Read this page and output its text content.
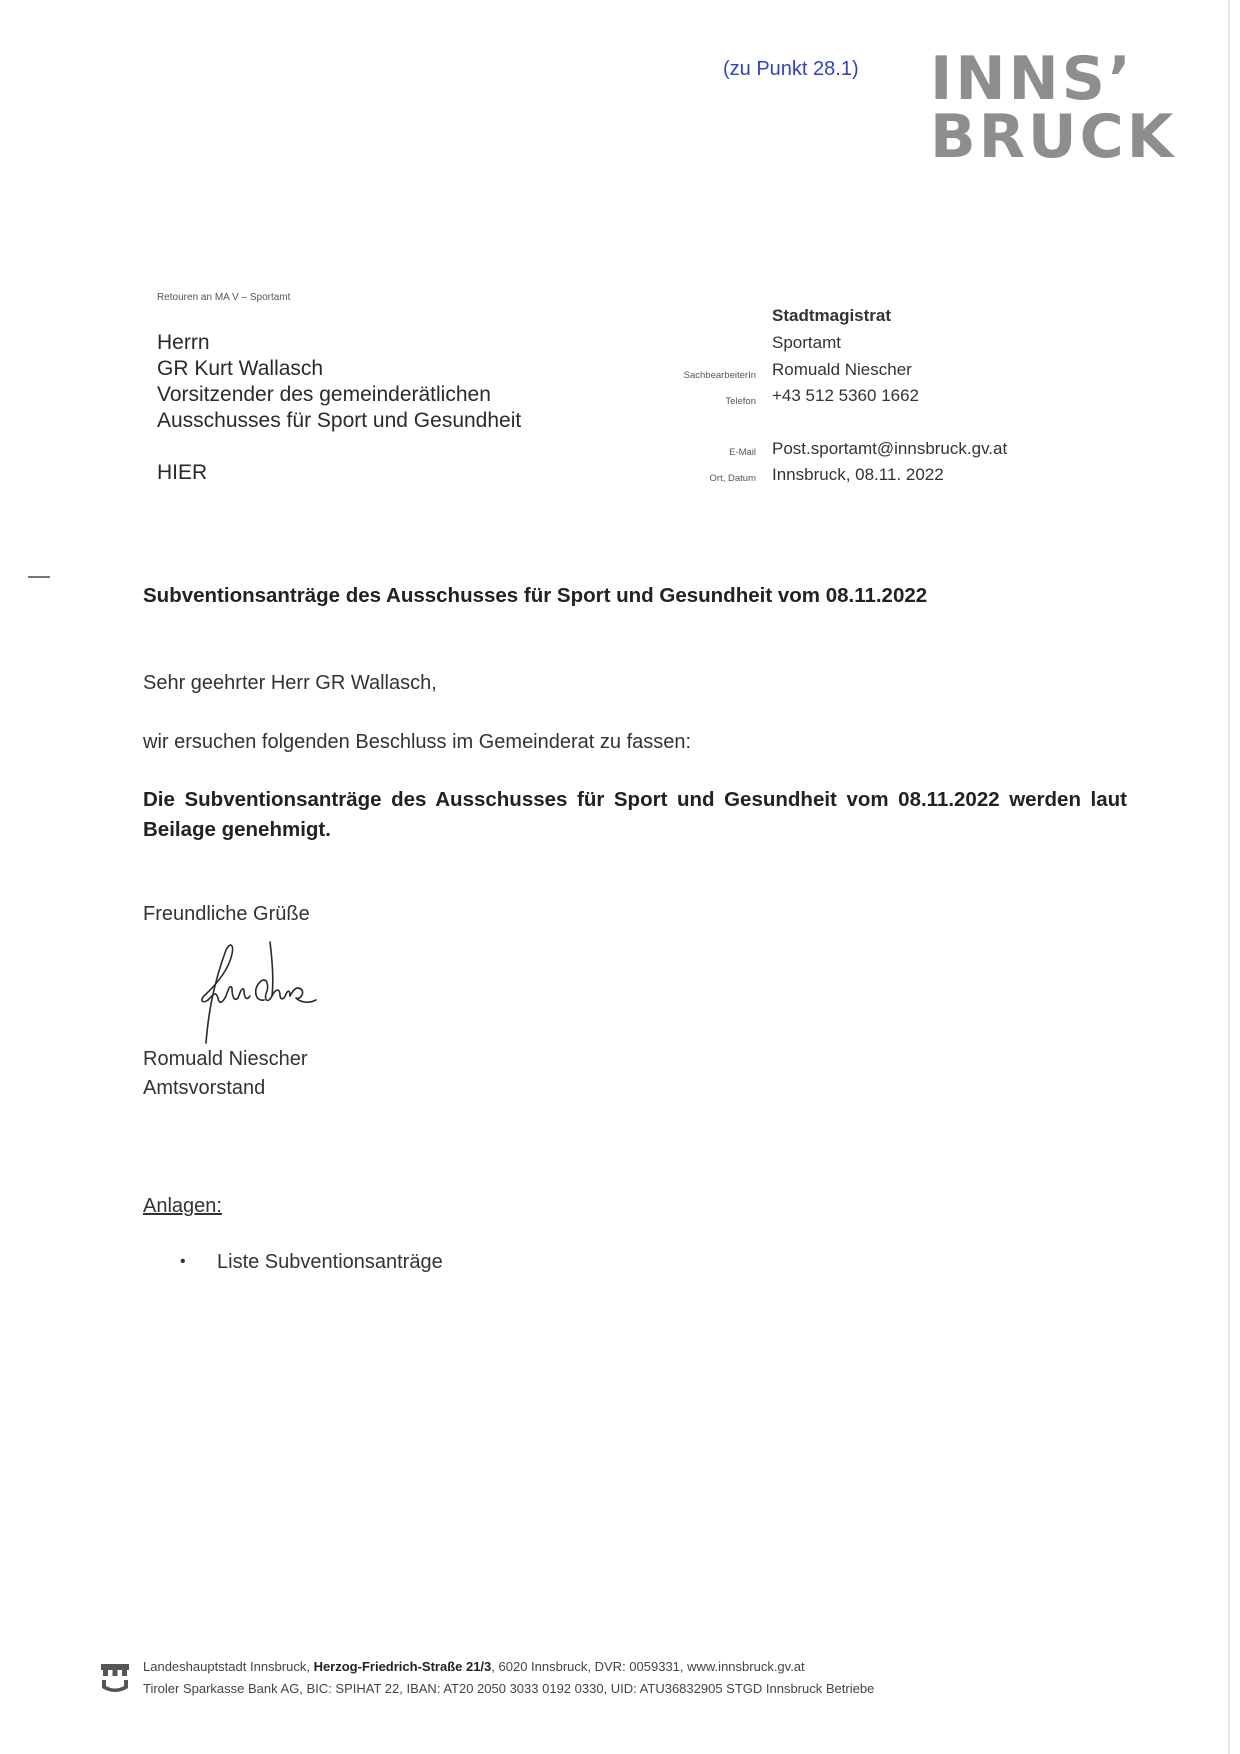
(zu Punkt 28.1) INNS’
BRUCK
Retouren an MA V – Sportamt
Herrn
GR Kurt Wallasch
Vorsitzender des gemeinderätlichen
Ausschusses für Sport und Gesundheit
HIER
SachbearbeiterIn
Telefon
E-Mail
Ort, Datum
Stadtmagistrat
Sportamt
Romuald Niescher
+43 512 5360 1662
Post.sportamt@innsbruck.gv.at
Innsbruck, 08.11. 2022
Subventionsanträge des Ausschusses für Sport und Gesundheit vom 08.11.2022
Sehr geehrter Herr GR Wallasch,
wir ersuchen folgenden Beschluss im Gemeinderat zu fassen:
Die Subventionsanträge des Ausschusses für Sport und Gesundheit vom 08.11.2022 werden laut Beilage genehmigt.
Freundliche Grüße
Romuald Niescher
Amtsvorstand
Anlagen:
• Liste Subventionsanträge
Landeshauptstadt Innsbruck, Herzog-Friedrich-Straße 21/3, 6020 Innsbruck, DVR: 0059331, www.innsbruck.gv.at
Tiroler Sparkasse Bank AG, BIC: SPIHAT 22, IBAN: AT20 2050 3033 0192 0330, UID: ATU36832905 STGD Innsbruck Betriebe
